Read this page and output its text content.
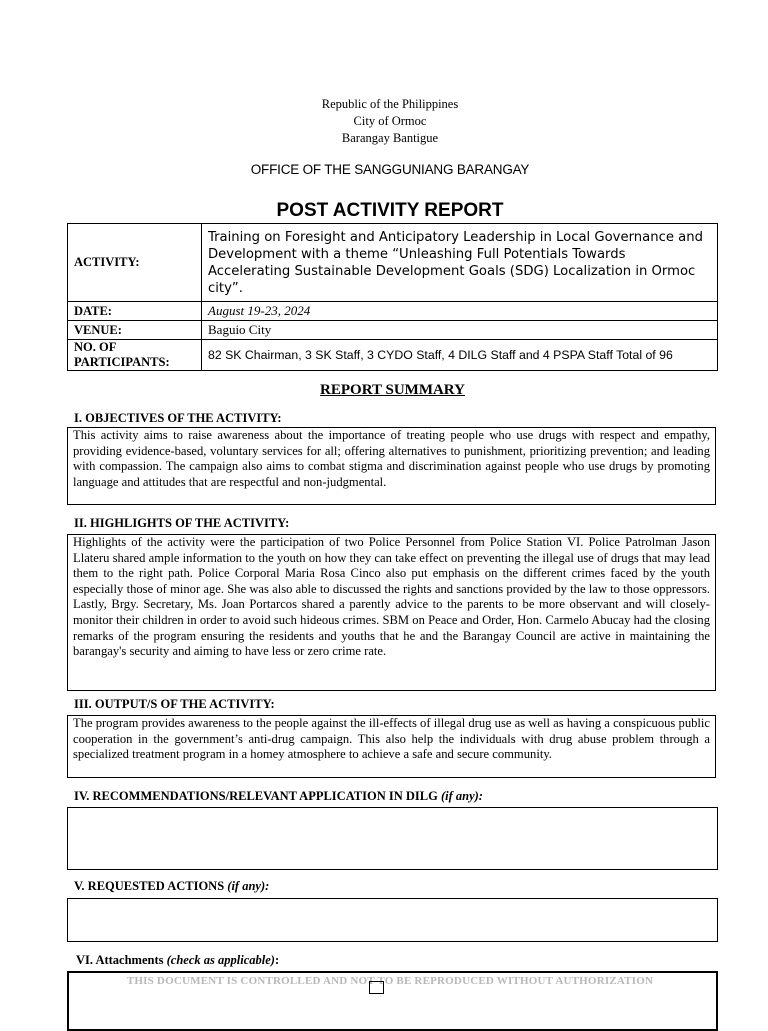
Republic of the Philippines
City of Ormoc
Barangay Bantigue
OFFICE OF THE SANGGUNIANG BARANGAY
POST ACTIVITY REPORT
ACTIVITY:	Training on Foresight and Anticipatory Leadership in Local Governance and Development with a theme “Unleashing Full Potentials Towards Accelerating Sustainable Development Goals (SDG) Localization in Ormoc city”.
DATE:	August 19-23, 2024
VENUE:	Baguio City
NO. OF
PARTICIPANTS:	82 SK Chairman, 3 SK Staff, 3 CYDO Staff, 4 DILG Staff and 4 PSPA Staff Total of 96
REPORT SUMMARY
I. OBJECTIVES OF THE ACTIVITY:
This activity aims to raise awareness about the importance of treating people who use drugs with respect and empathy, providing evidence-based, voluntary services for all; offering alternatives to punishment, prioritizing prevention; and leading with compassion. The campaign also aims to combat stigma and discrimination against people who use drugs by promoting language and attitudes that are respectful and non-judgmental.
II. HIGHLIGHTS OF THE ACTIVITY:
Highlights of the activity were the participation of two Police Personnel from Police Station VI. Police Patrolman Jason Llateru shared ample information to the youth on how they can take effect on preventing the illegal use of drugs that may lead them to the right path. Police Corporal Maria Rosa Cinco also put emphasis on the different crimes faced by the youth especially those of minor age. She was also able to discussed the rights and sanctions provided by the law to those oppressors. Lastly, Brgy. Secretary, Ms. Joan Portarcos shared a parently advice to the parents to be more observant and will closely-monitor their children in order to avoid such hideous crimes. SBM on Peace and Order, Hon. Carmelo Abucay had the closing remarks of the program ensuring the residents and youths that he and the Barangay Council are active in maintaining the barangay's security and aiming to have less or zero crime rate.
III. OUTPUT/S OF THE ACTIVITY:
The program provides awareness to the people against the ill-effects of illegal drug use as well as having a conspicuous public cooperation in the government’s anti-drug campaign. This also help the individuals with drug abuse problem through a specialized treatment program in a homey atmosphere to achieve a safe and secure community.
IV. RECOMMENDATIONS/RELEVANT APPLICATION IN DILG (if any):
V. REQUESTED ACTIONS (if any):
VI. Attachments (check as applicable):
THIS DOCUMENT IS CONTROLLED AND NOT TO BE REPRODUCED WITHOUT AUTHORIZATION
